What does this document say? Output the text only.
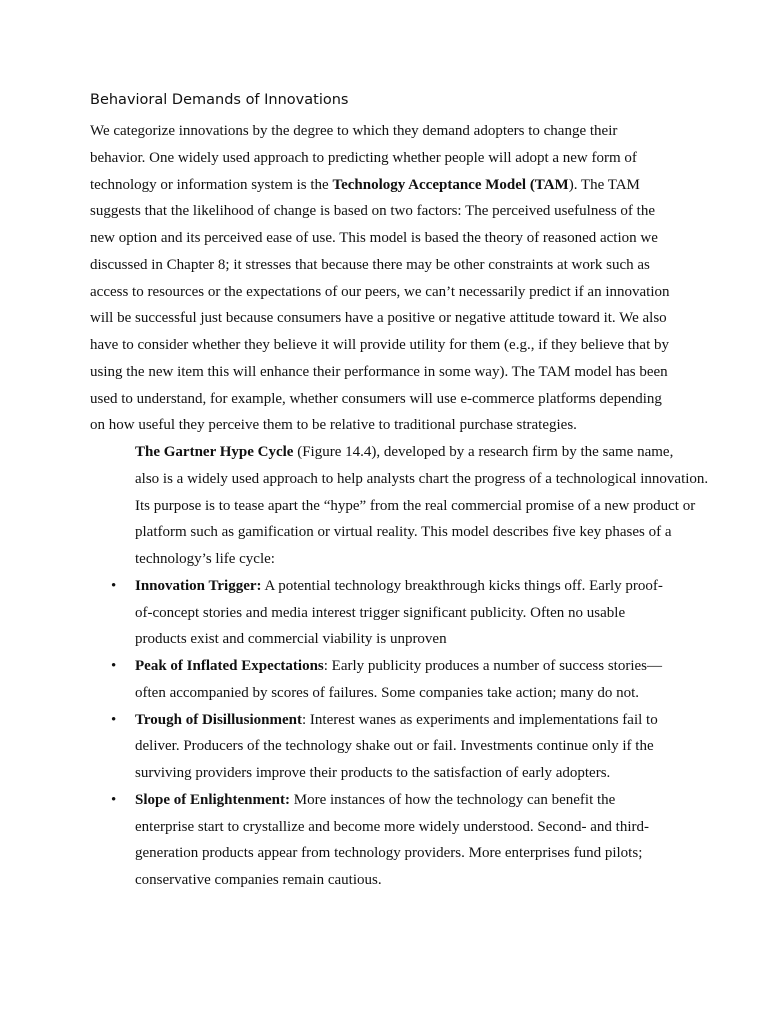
Behavioral Demands of Innovations

We categorize innovations by the degree to which they demand adopters to change their
behavior. One widely used approach to predicting whether people will adopt a new form of
technology or information system is the Technology Acceptance Model (TAM). The TAM
suggests that the likelihood of change is based on two factors: The perceived usefulness of the
new option and its perceived ease of use. This model is based the theory of reasoned action we
discussed in Chapter 8; it stresses that because there may be other constraints at work such as
access to resources or the expectations of our peers, we can’t necessarily predict if an innovation
will be successful just because consumers have a positive or negative attitude toward it. We also
have to consider whether they believe it will provide utility for them (e.g., if they believe that by
using the new item this will enhance their performance in some way). The TAM model has been
used to understand, for example, whether consumers will use e-commerce platforms depending
on how useful they perceive them to be relative to traditional purchase strategies.

The Gartner Hype Cycle (Figure 14.4), developed by a research firm by the same name,
also is a widely used approach to help analysts chart the progress of a technological innovation.
Its purpose is to tease apart the “hype” from the real commercial promise of a new product or
platform such as gamification or virtual reality. This model describes five key phases of a
technology’s life cycle:

• Innovation Trigger: A potential technology breakthrough kicks things off. Early proof-
of-concept stories and media interest trigger significant publicity. Often no usable
products exist and commercial viability is unproven
• Peak of Inflated Expectations: Early publicity produces a number of success stories—
often accompanied by scores of failures. Some companies take action; many do not.
• Trough of Disillusionment: Interest wanes as experiments and implementations fail to
deliver. Producers of the technology shake out or fail. Investments continue only if the
surviving providers improve their products to the satisfaction of early adopters.
• Slope of Enlightenment: More instances of how the technology can benefit the
enterprise start to crystallize and become more widely understood. Second- and third-
generation products appear from technology providers. More enterprises fund pilots;
conservative companies remain cautious.
